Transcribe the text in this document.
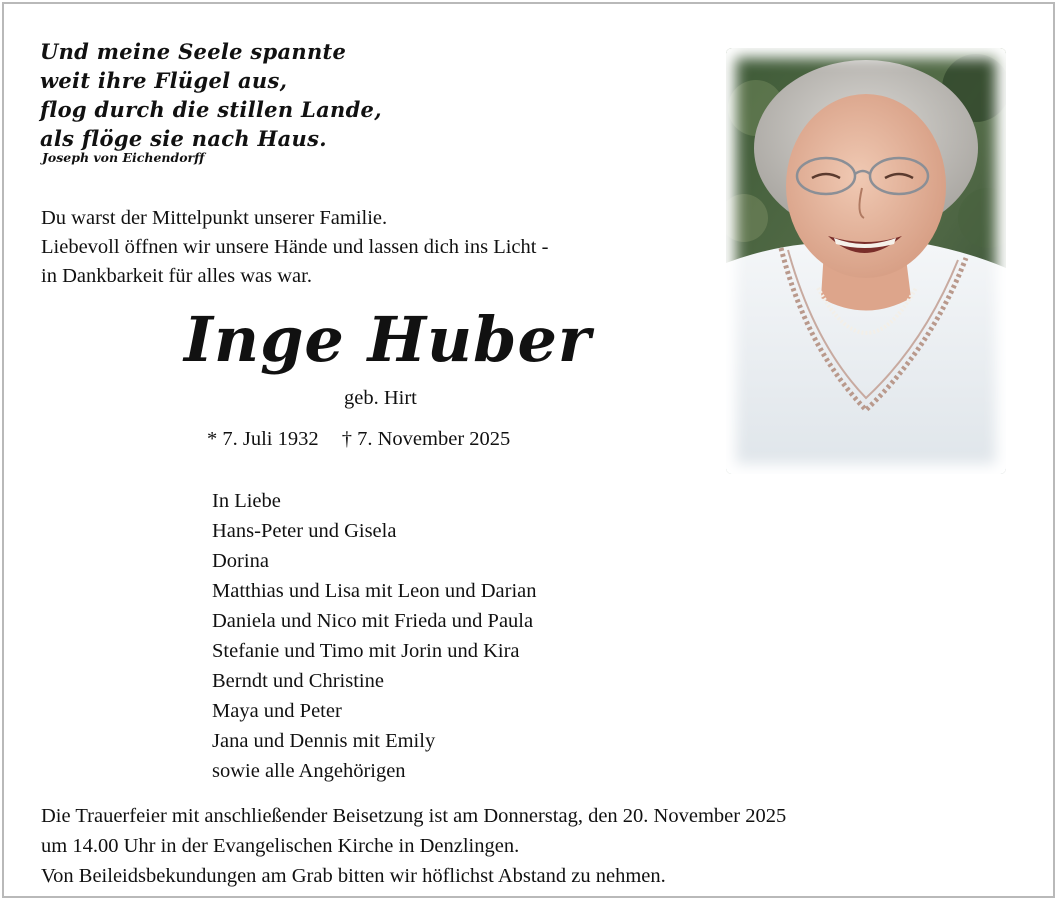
Und meine Seele spannte
weit ihre Flügel aus,
flog durch die stillen Lande,
als flöge sie nach Haus.
Joseph von Eichendorff
Du warst der Mittelpunkt unserer Familie.
Liebevoll öffnen wir unsere Hände und lassen dich ins Licht -
in Dankbarkeit für alles was war.
Inge Huber
geb. Hirt
* 7. Juli 1932 † 7. November 2025
In Liebe
Hans-Peter und Gisela
Dorina
Matthias und Lisa mit Leon und Darian
Daniela und Nico mit Frieda und Paula
Stefanie und Timo mit Jorin und Kira
Berndt und Christine
Maya und Peter
Jana und Dennis mit Emily
sowie alle Angehörigen
Die Trauerfeier mit anschließender Beisetzung ist am Donnerstag, den 20. November 2025
um 14.00 Uhr in der Evangelischen Kirche in Denzlingen.
Von Beileidsbekundungen am Grab bitten wir höflichst Abstand zu nehmen.
